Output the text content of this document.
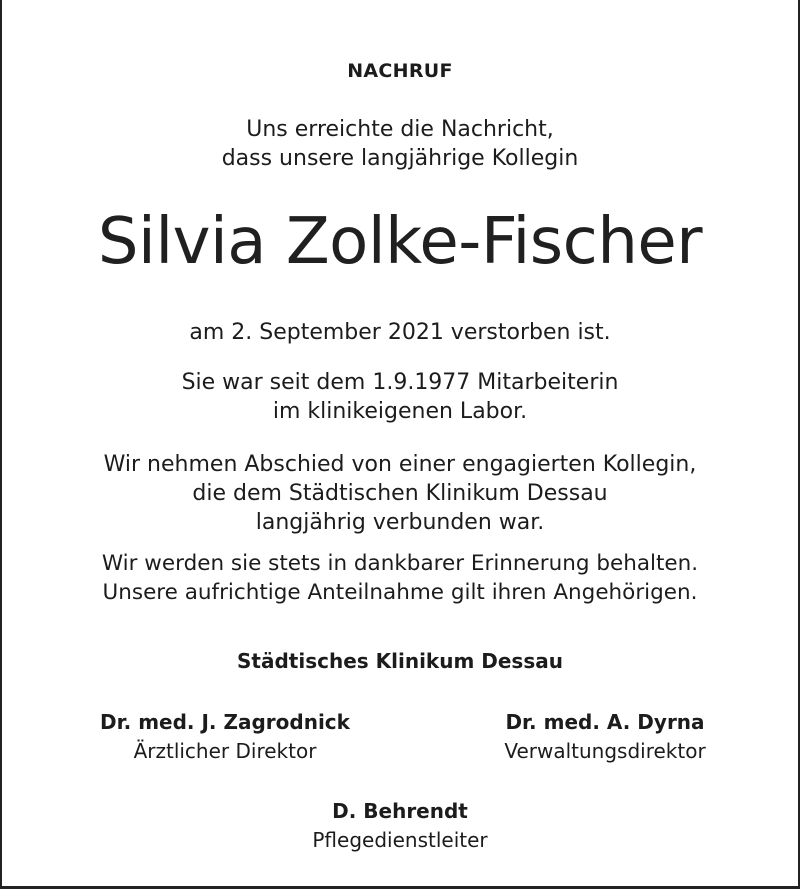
NACHRUF
Uns erreichte die Nachricht,
dass unsere langjährige Kollegin
Silvia Zolke-Fischer
am 2. September 2021 verstorben ist.
Sie war seit dem 1.9.1977 Mitarbeiterin
im klinikeigenen Labor.
Wir nehmen Abschied von einer engagierten Kollegin,
die dem Städtischen Klinikum Dessau
langjährig verbunden war.
Wir werden sie stets in dankbarer Erinnerung behalten.
Unsere aufrichtige Anteilnahme gilt ihren Angehörigen.
Städtisches Klinikum Dessau
Dr. med. J. Zagrodnick
Ärztlicher Direktor
Dr. med. A. Dyrna
Verwaltungsdirektor
D. Behrendt
Pflegedienstleiter
